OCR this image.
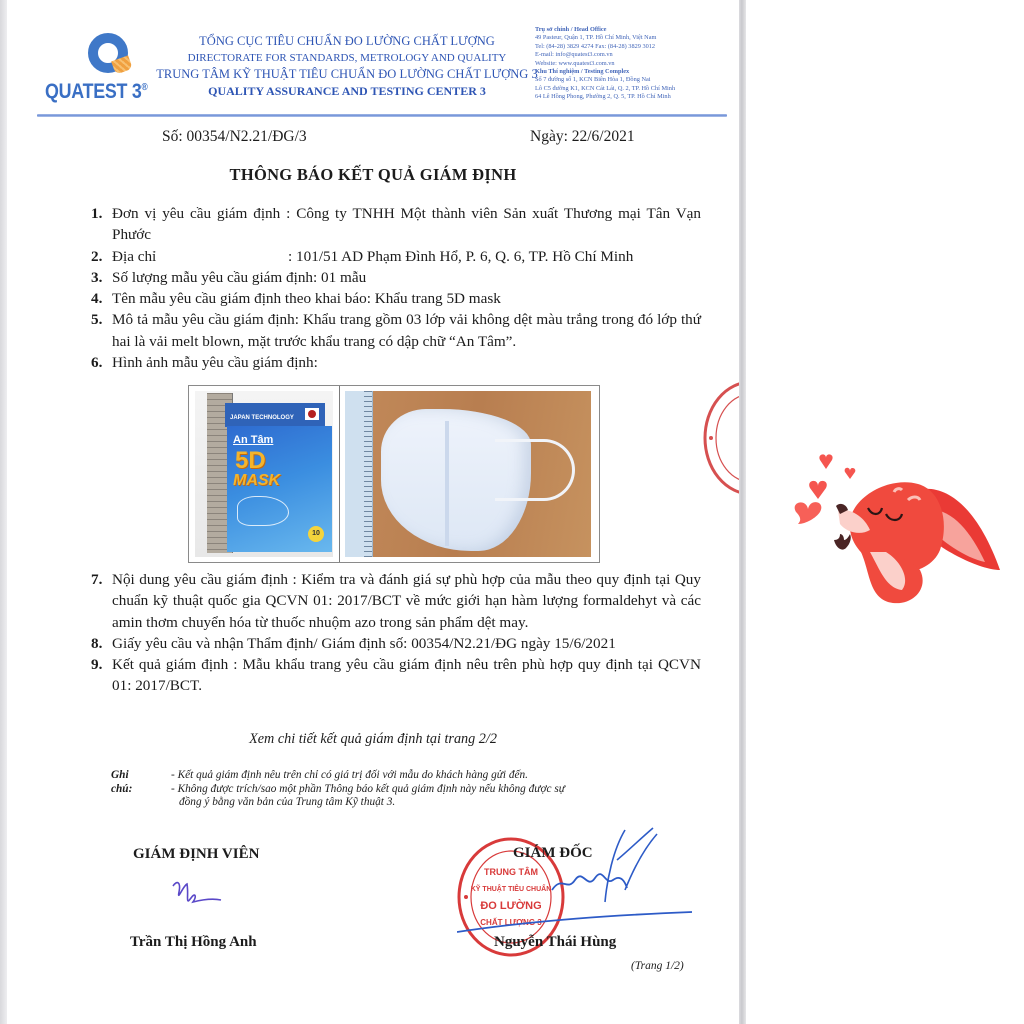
QUATEST 3®
TỔNG CỤC TIÊU CHUẨN ĐO LƯỜNG CHẤT LƯỢNG
DIRECTORATE FOR STANDARDS, METROLOGY AND QUALITY
TRUNG TÂM KỸ THUẬT TIÊU CHUẨN ĐO LƯỜNG CHẤT LƯỢNG 3
QUALITY ASSURANCE AND TESTING CENTER 3
Trụ sở chính / Head Office
49 Pasteur, Quận 1, TP. Hồ Chí Minh, Việt Nam
Tel: (84-28) 3829 4274 Fax: (84-28) 3829 3012
E-mail: info@quatest3.com.vn
Website: www.quatest3.com.vn
Khu Thí nghiệm / Testing Complex
Số 7 đường số 1, KCN Biên Hòa 1, Đồng Nai
Lô C5 đường K1, KCN Cát Lái, Q. 2, TP. Hồ Chí Minh
64 Lê Hồng Phong, Phường 2, Q. 5, TP. Hồ Chí Minh
Số: 00354/N2.21/ĐG/3	Ngày: 22/6/2021
THÔNG BÁO KẾT QUẢ GIÁM ĐỊNH
1. Đơn vị yêu cầu giám định : Công ty TNHH Một thành viên Sản xuất Thương mại Tân Vạn Phước
2. Địa chỉ	: 101/51 AD Phạm Đình Hổ, P. 6, Q. 6, TP. Hồ Chí Minh
3. Số lượng mẫu yêu cầu giám định: 01 mẫu
4. Tên mẫu yêu cầu giám định theo khai báo: Khẩu trang 5D mask
5. Mô tả mẫu yêu cầu giám định: Khẩu trang gồm 03 lớp vải không dệt màu trắng trong đó lớp thứ hai là vải melt blown, mặt trước khẩu trang có dập chữ “An Tâm”.
6. Hình ảnh mẫu yêu cầu giám định:
JAPAN TECHNOLOGY
An Tâm
5D
MASK
10
7. Nội dung yêu cầu giám định : Kiểm tra và đánh giá sự phù hợp của mẫu theo quy định tại Quy chuẩn kỹ thuật quốc gia QCVN 01: 2017/BCT về mức giới hạn hàm lượng formaldehyt và các amin thơm chuyển hóa từ thuốc nhuộm azo trong sản phẩm dệt may.
8. Giấy yêu cầu và nhận Thẩm định/ Giám định số: 00354/N2.21/ĐG ngày 15/6/2021
9. Kết quả giám định : Mẫu khẩu trang yêu cầu giám định nêu trên phù hợp quy định tại QCVN 01: 2017/BCT.
Xem chi tiết kết quả giám định tại trang 2/2
Ghi chú:
- Kết quả giám định nêu trên chỉ có giá trị đối với mẫu do khách hàng gửi đến.
- Không được trích/sao một phần Thông báo kết quả giám định này nếu không được sự
đồng ý bằng văn bản của Trung tâm Kỹ thuật 3.
GIÁM ĐỊNH VIÊN
Trần Thị Hồng Anh
TRUNG TÂM
KỸ THUẬT TIÊU CHUẨN
ĐO LƯỜNG
CHẤT LƯỢNG 3
GIÁM ĐỐC
Nguyễn Thái Hùng
(Trang 1/2)
